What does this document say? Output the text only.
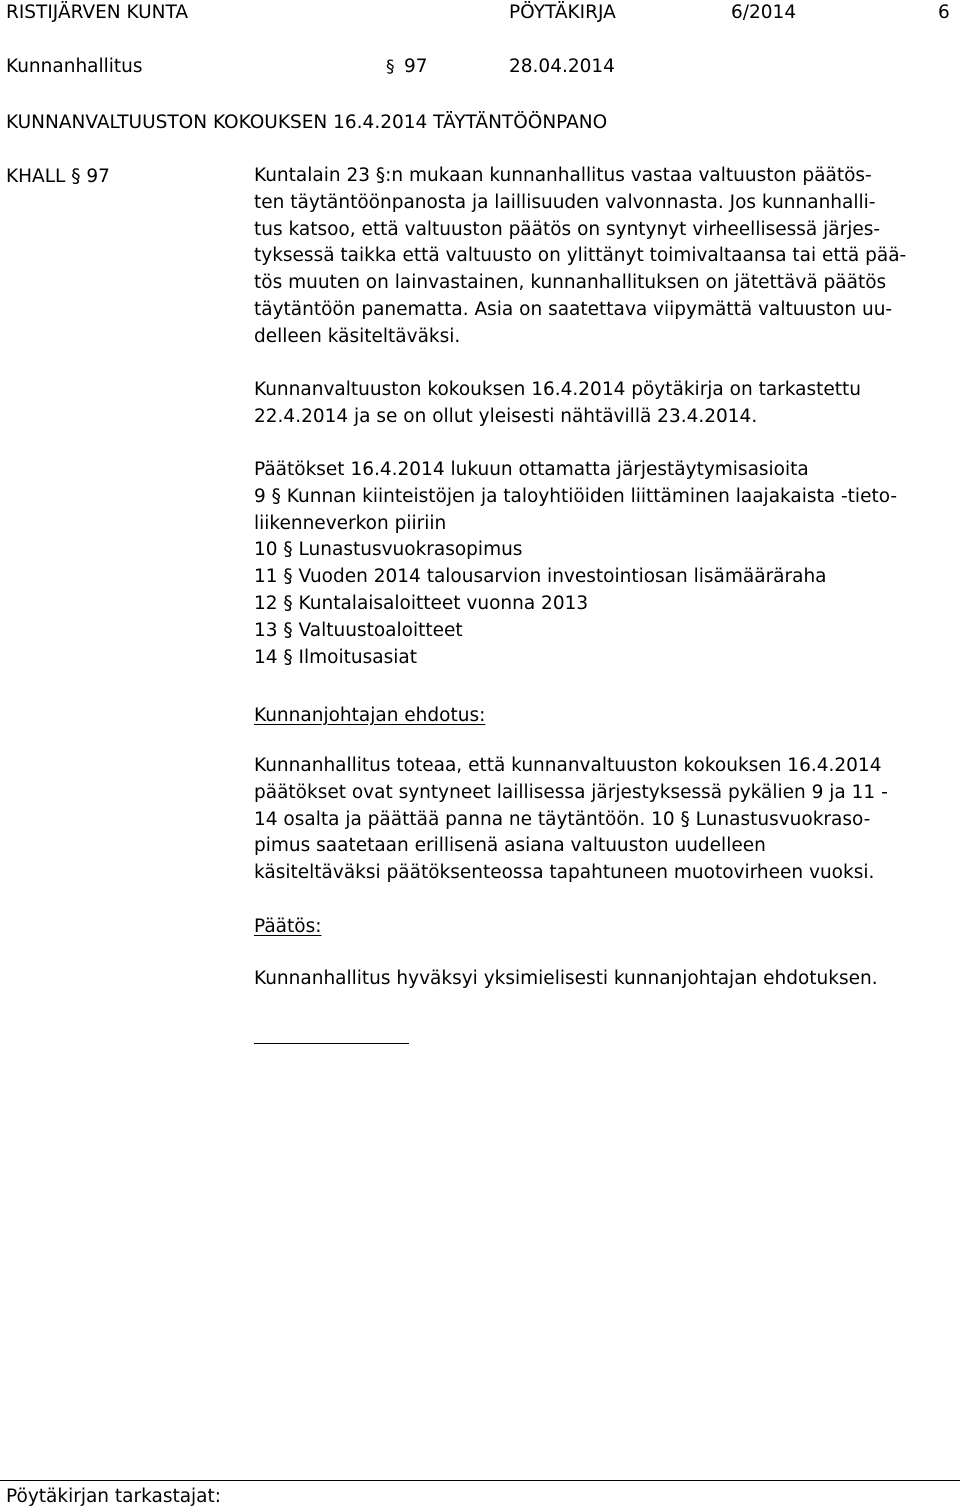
RISTIJÄRVEN KUNTA	PÖYTÄKIRJA	6/2014	6
Kunnanhallitus	§ 97	28.04.2014
KUNNANVALTUUSTON KOKOUKSEN 16.4.2014 TÄYTÄNTÖÖNPANO
KHALL § 97	Kuntalain 23 §:n mukaan kunnanhallitus vastaa valtuuston päätös-

ten täytäntöönpanosta ja laillisuuden valvonnasta. Jos kunnanhalli-

tus katsoo, että valtuuston päätös on syntynyt virheellisessä järjes-

tyksessä taikka että valtuusto on ylittänyt toimivaltaansa tai että pää-

tös muuten on lainvastainen, kunnanhallituksen on jätettävä päätös

täytäntöön panematta. Asia on saatettava viipymättä valtuuston uu-

delleen käsiteltäväksi.

Kunnanvaltuuston kokouksen 16.4.2014 pöytäkirja on tarkastettu

22.4.2014 ja se on ollut yleisesti nähtävillä 23.4.2014.

Päätökset 16.4.2014 lukuun ottamatta järjestäytymisasioita

9 § Kunnan kiinteistöjen ja taloyhtiöiden liittäminen laajakaista -tieto-

liikenneverkon piiriin

10 § Lunastusvuokrasopimus

11 § Vuoden 2014 talousarvion investointiosan lisämääräraha

12 § Kuntalaisaloitteet vuonna 2013

13 § Valtuustoaloitteet

14 § Ilmoitusasiat

Kunnanjohtajan ehdotus:

Kunnanhallitus toteaa, että kunnanvaltuuston kokouksen 16.4.2014

päätökset ovat syntyneet laillisessa järjestyksessä pykälien 9 ja 11 -

14 osalta ja päättää panna ne täytäntöön. 10 § Lunastusvuokraso-

pimus saatetaan erillisenä asiana valtuuston uudelleen

käsiteltäväksi päätöksenteossa tapahtuneen muotovirheen vuoksi.

Päätös:

Kunnanhallitus hyväksyi yksimielisesti kunnanjohtajan ehdotuksen.

Pöytäkirjan tarkastajat:
